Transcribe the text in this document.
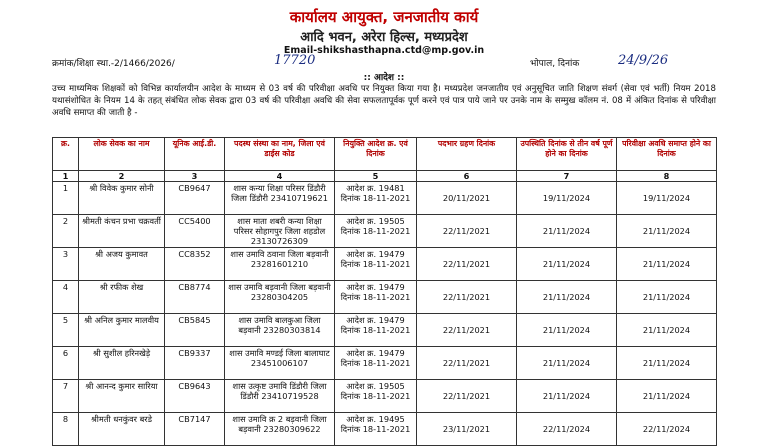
कार्यालय आयुक्त, जनजातीय कार्य
आदि भवन, अरेरा हिल्स, मध्यप्रदेश
Email-shikshasthapna.ctd@mp.gov.in
क्रमांक/शिक्षा स्था.-2/1466/2026/	17720	भोपाल, दिनांक	24/9/26
:: आदेश ::
उच्च माध्यमिक शिक्षकों को विभिन्न कार्यालयीन आदेश के माध्यम से 03 वर्ष की परिवीक्षा अवधि पर नियुक्त किया गया है। मध्यप्रदेश जनजातीय एवं अनुसूचित जाति शिक्षण संवर्ग (सेवा एवं भर्ती) नियम 2018 यथासंशोधित के नियम 14 के तहत् संबंधित लोक सेवक द्वारा 03 वर्ष की परिवीक्षा अवधि की सेवा सफलतापूर्वक पूर्ण करने एवं पात्र पाये जाने पर उनके नाम के सम्मुख कॉलम नं. 08 में अंकित दिनांक से परिवीक्षा अवधि समाप्त की जाती है -
क्र.	लोक सेवक का नाम	यूनिक आई.डी.	पदस्थ संस्था का नाम, जिला एवं डाईस कोड	नियुक्ति आदेश क्र. एवं दिनांक	पदभार ग्रहण दिनांक	उपस्थिति दिनांक से तीन वर्ष पूर्ण होने का दिनांक	परिवीक्षा अवधि समाप्त होने का दिनांक
1	2	3	4	5	6	7	8
1	श्री विवेक कुमार सोनी	CB9647	शास कन्या शिक्षा परिसर डिंडौरी जिला डिंडौरी 23410719621	आदेश क्र. 19481 दिनांक 18-11-2021	20/11/2021	19/11/2024	19/11/2024
2	श्रीमती कंचन प्रभा चक्रवर्ती	CC5400	शास माता शबरी कन्या शिक्षा परिसर सोहागपुर जिला शहडोल 23130726309	आदेश क्र. 19505 दिनांक 18-11-2021	22/11/2021	21/11/2024	21/11/2024
3	श्री अजय कुमावत	CC8352	शास उमावि ठवाना जिला बड़वानी 23281601210	आदेश क्र. 19479 दिनांक 18-11-2021	22/11/2021	21/11/2024	21/11/2024
4	श्री रफीक शेख	CB8774	शास उमावि बड़वानी जिला बड़वानी 23280304205	आदेश क्र. 19479 दिनांक 18-11-2021	22/11/2021	21/11/2024	21/11/2024
5	श्री अनिल कुमार मालवीय	CB5845	शास उमावि बालकुआ जिला बड़वानी 23280303814	आदेश क्र. 19479 दिनांक 18-11-2021	22/11/2021	21/11/2024	21/11/2024
6	श्री सुशील हरिनखेड़े	CB9337	शास उमावि मण्डई जिला बालाघाट 23451006107	आदेश क्र. 19479 दिनांक 18-11-2021	22/11/2021	21/11/2024	21/11/2024
7	श्री आनन्द कुमार सारिया	CB9643	शास उत्कृष्ट उमावि डिंडौरी जिला डिंडौरी 23410719528	आदेश क्र. 19505 दिनांक 18-11-2021	22/11/2021	21/11/2024	21/11/2024
8	श्रीमती धनकुंवर बरडे	CB7147	शास उमावि क्र 2 बड़वानी जिला बड़वानी 23280309622	आदेश क्र. 19495 दिनांक 18-11-2021	23/11/2021	22/11/2024	22/11/2024
